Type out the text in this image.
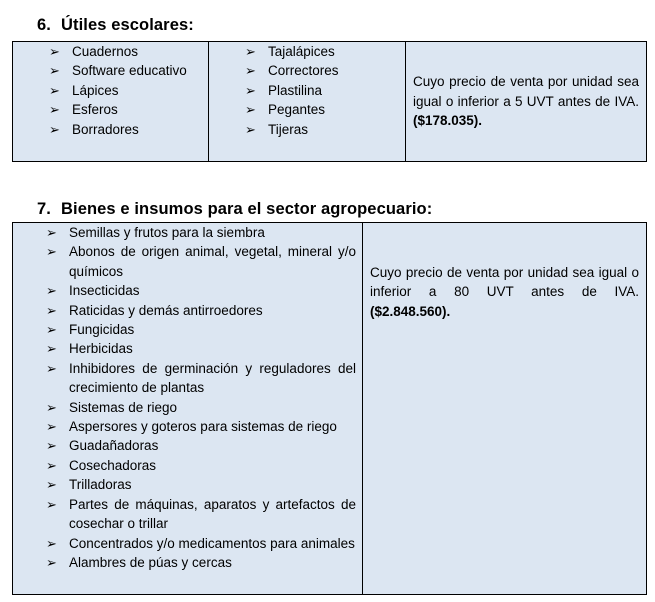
6. Útiles escolares:
➢ Cuadernos
➢ Software educativo
➢ Lápices
➢ Esferos
➢ Borradores

➢ Tajalápices
➢ Correctores
➢ Plastilina
➢ Pegantes
➢ Tijeras

Cuyo precio de venta por unidad sea igual o inferior a 5 UVT antes de IVA. ($178.035).
7. Bienes e insumos para el sector agropecuario:
➢ Semillas y frutos para la siembra
➢ Abonos de origen animal, vegetal, mineral y/o químicos
➢ Insecticidas
➢ Raticidas y demás antirroedores
➢ Fungicidas
➢ Herbicidas
➢ Inhibidores de germinación y reguladores del crecimiento de plantas
➢ Sistemas de riego
➢ Aspersores y goteros para sistemas de riego
➢ Guadañadoras
➢ Cosechadoras
➢ Trilladoras
➢ Partes de máquinas, aparatos y artefactos de cosechar o trillar
➢ Concentrados y/o medicamentos para animales
➢ Alambres de púas y cercas

Cuyo precio de venta por unidad sea igual o inferior a 80 UVT antes de IVA. ($2.848.560).
